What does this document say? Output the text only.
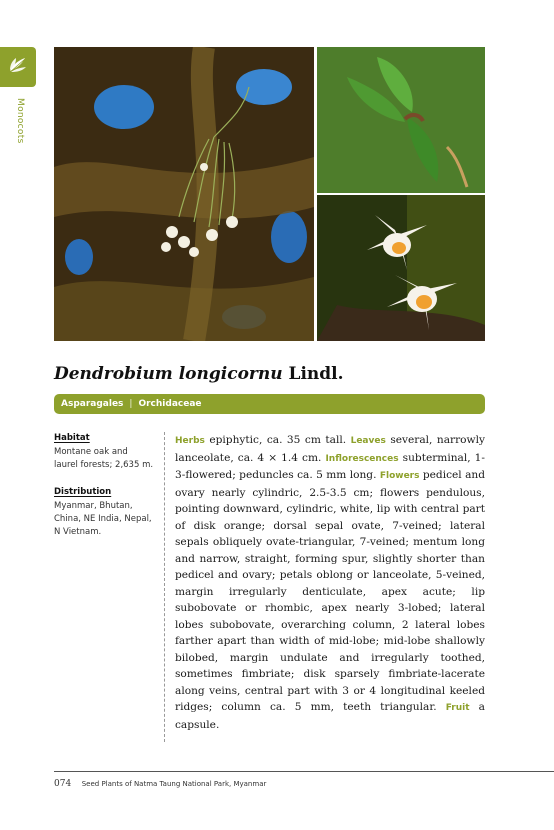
Monocots
Dendrobium longicornu Lindl.
Asparagales | Orchidaceae
Habitat
Montane oak and laurel forests; 2,635 m.
Distribution
Myanmar, Bhutan, China, NE India, Nepal, N Vietnam.
Herbs epiphytic, ca. 35 cm tall. Leaves several, narrowly lanceolate, ca. 4 × 1.4 cm. Inflorescences subterminal, 1-3-flowered; peduncles ca. 5 mm long. Flowers pedicel and ovary nearly cylindric, 2.5-3.5 cm; flowers pendulous, pointing downward, cylindric, white, lip with central part of disk orange; dorsal sepal ovate, 7-veined; lateral sepals obliquely ovate-triangular, 7-veined; mentum long and narrow, straight, forming spur, slightly shorter than pedicel and ovary; petals oblong or lanceolate, 5-veined, margin irregularly denticulate, apex acute; lip subobovate or rhombic, apex nearly 3-lobed; lateral lobes subobovate, overarching column, 2 lateral lobes farther apart than width of mid-lobe; mid-lobe shallowly bilobed, margin undulate and irregularly toothed, sometimes fimbriate; disk sparsely fimbriate-lacerate along veins, central part with 3 or 4 longitudinal keeled ridges; column ca. 5 mm, teeth triangular. Fruit a capsule.
074 Seed Plants of Natma Taung National Park, Myanmar
